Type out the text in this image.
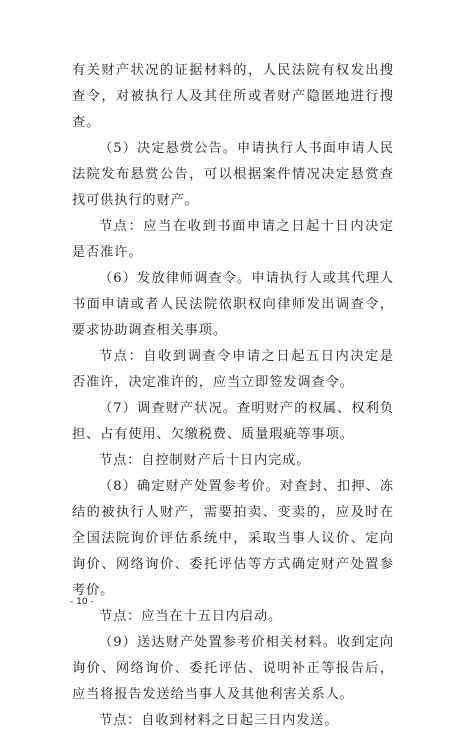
有关财产状况的证据材料的，人民法院有权发出搜查令，对被执行人及其住所或者财产隐匿地进行搜查。

（5）决定悬赏公告。申请执行人书面申请人民法院发布悬赏公告，可以根据案件情况决定悬赏查找可供执行的财产。

节点：应当在收到书面申请之日起十日内决定是否准许。

（6）发放律师调查令。申请执行人或其代理人书面申请或者人民法院依职权向律师发出调查令，要求协助调查相关事项。

节点：自收到调查令申请之日起五日内决定是否准许，决定准许的，应当立即签发调查令。

（7）调查财产状况。查明财产的权属、权利负担、占有使用、欠缴税费、质量瑕疵等事项。

节点：自控制财产后十日内完成。

（8）确定财产处置参考价。对查封、扣押、冻结的被执行人财产，需要拍卖、变卖的，应及时在全国法院询价评估系统中，采取当事人议价、定向询价、网络询价、委托评估等方式确定财产处置参考价。

节点：应当在十五日内启动。

（9）送达财产处置参考价相关材料。收到定向询价、网络询价、委托评估、说明补正等报告后，应当将报告发送给当事人及其他利害关系人。

节点：自收到材料之日起三日内发送。

- 10 -
